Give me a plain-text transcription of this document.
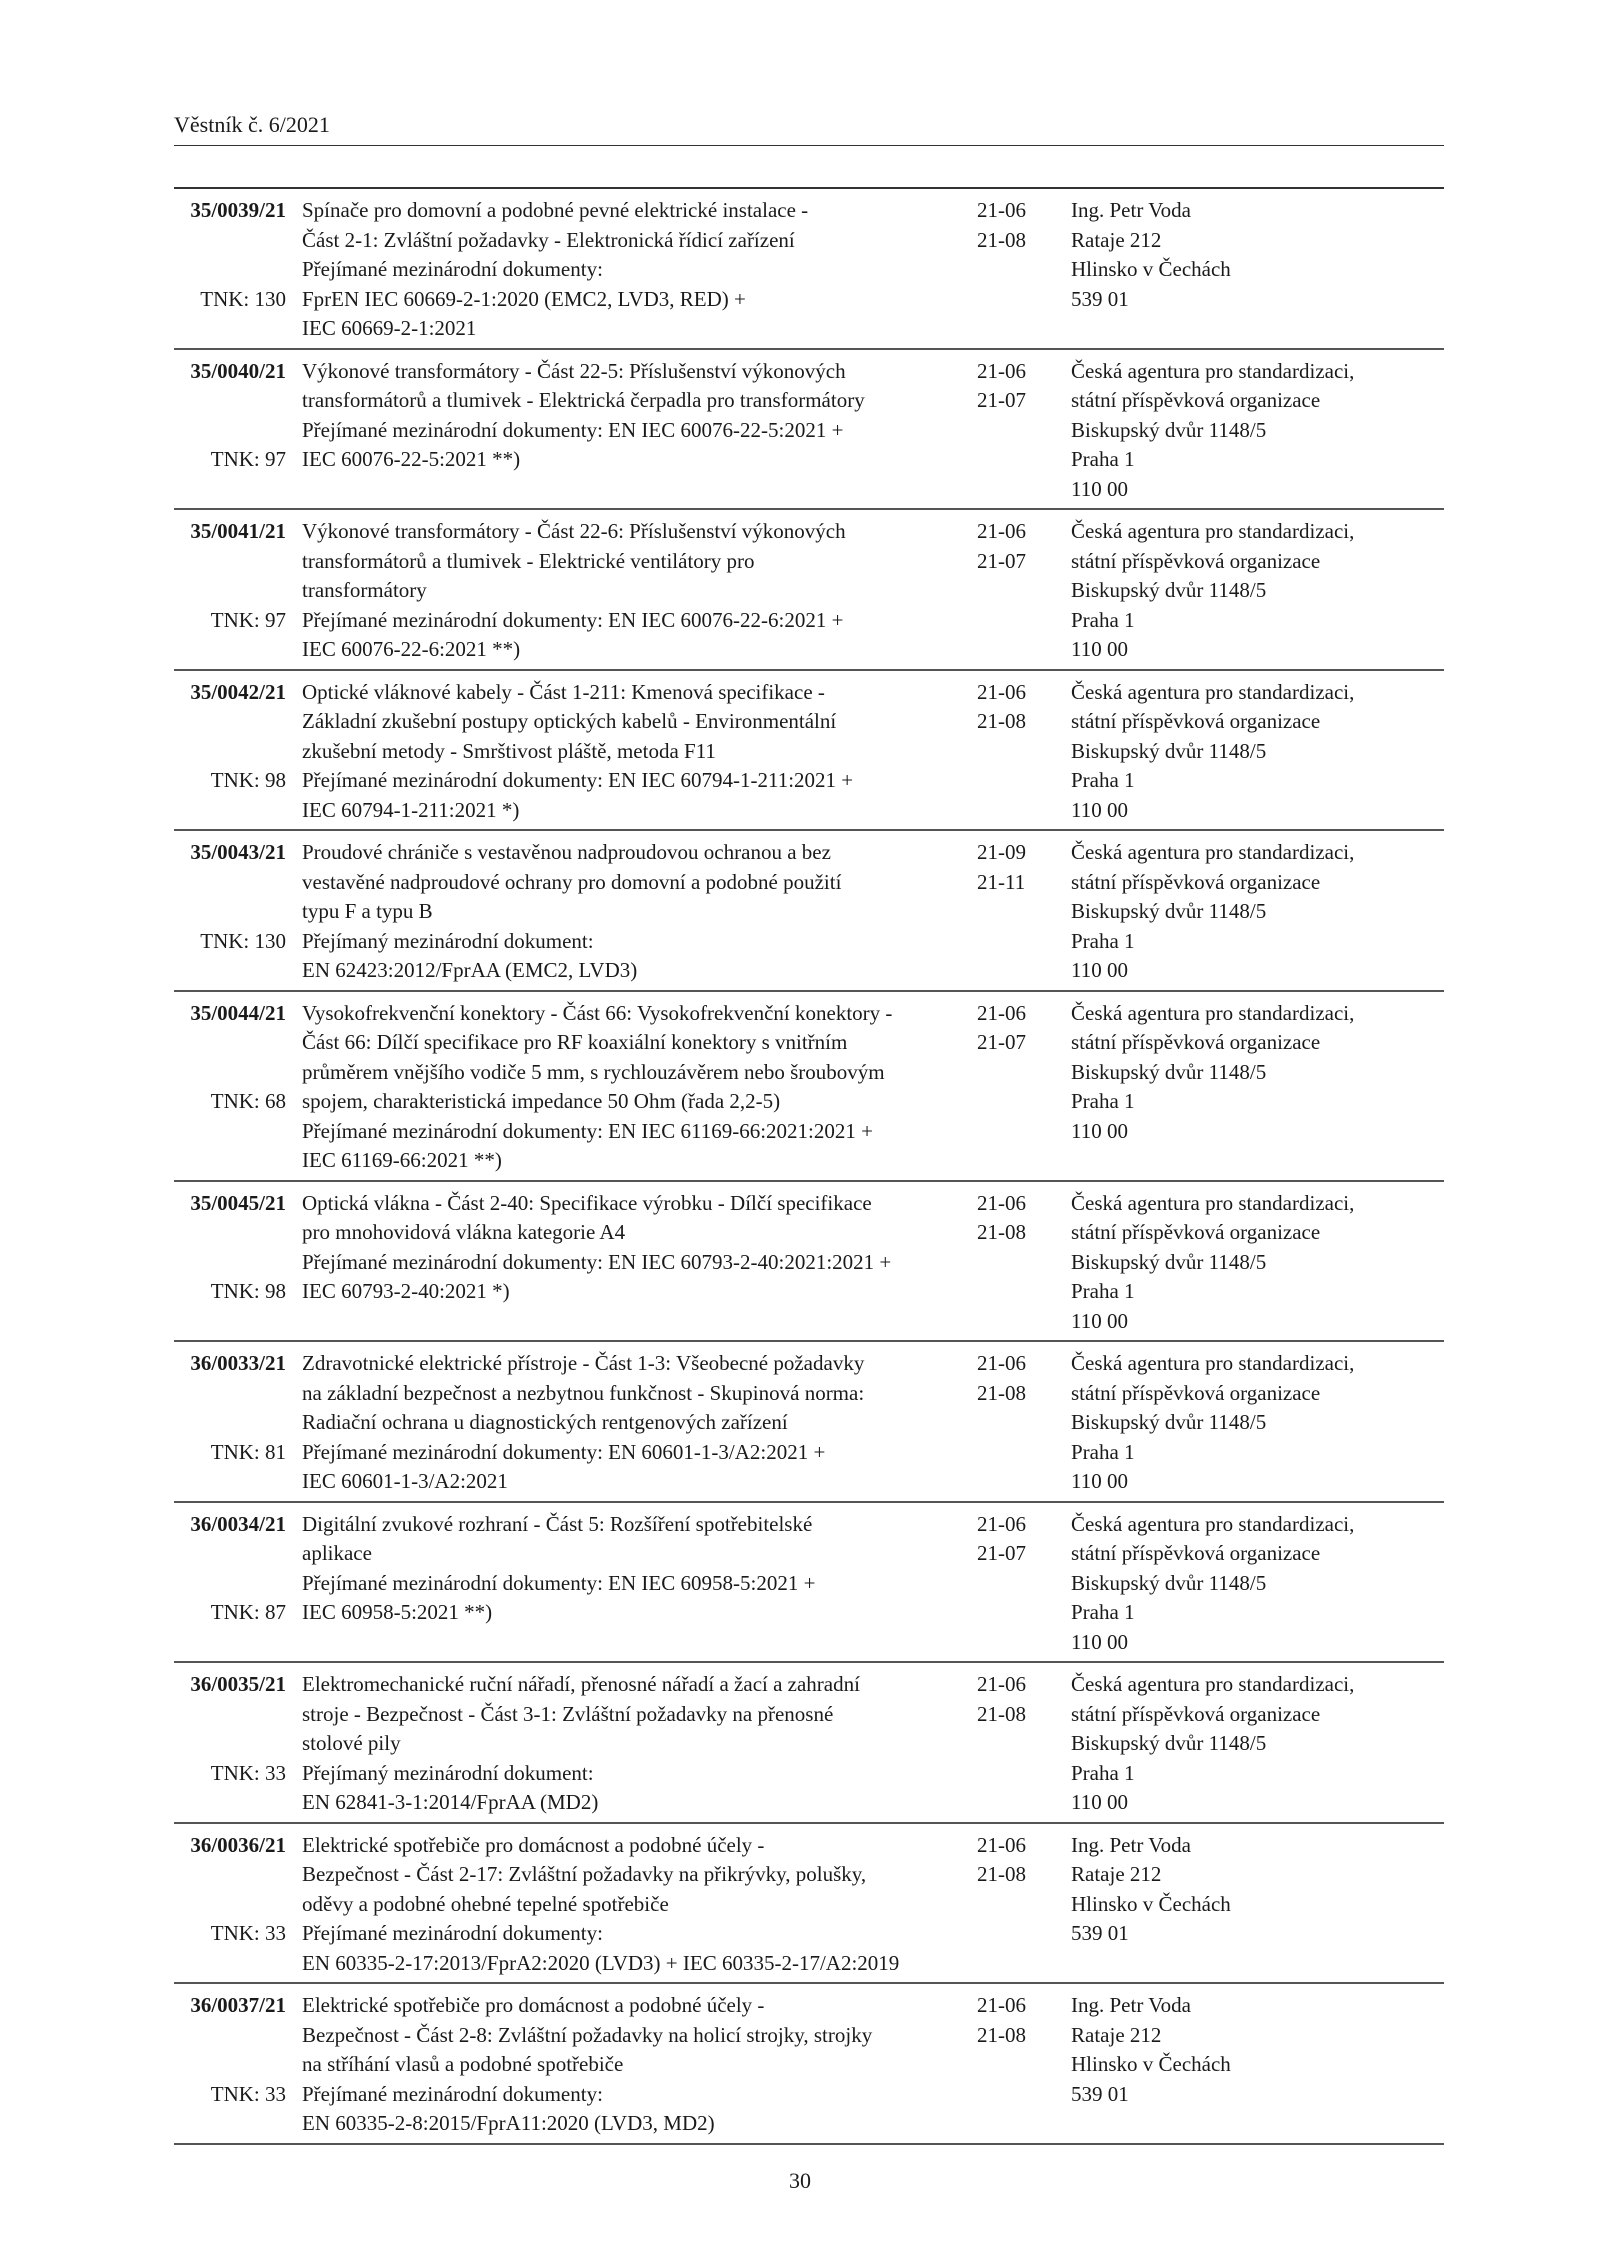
Věstník č. 6/2021
35/0039/21
TNK: 130
Spínače pro domovní a podobné pevné elektrické instalace -
Část 2-1: Zvláštní požadavky - Elektronická řídicí zařízení
Přejímané mezinárodní dokumenty:
FprEN IEC 60669-2-1:2020 (EMC2, LVD3, RED) +
IEC 60669-2-1:2021
21-06
21-08
Ing. Petr Voda
Rataje 212
Hlinsko v Čechách
539 01
35/0040/21
TNK: 97
Výkonové transformátory - Část 22-5: Příslušenství výkonových
transformátorů a tlumivek - Elektrická čerpadla pro transformátory
Přejímané mezinárodní dokumenty: EN IEC 60076-22-5:2021 +
IEC 60076-22-5:2021 **)
21-06
21-07
Česká agentura pro standardizaci,
státní příspěvková organizace
Biskupský dvůr 1148/5
Praha 1
110 00
35/0041/21
TNK: 97
Výkonové transformátory - Část 22-6: Příslušenství výkonových
transformátorů a tlumivek - Elektrické ventilátory pro
transformátory
Přejímané mezinárodní dokumenty: EN IEC 60076-22-6:2021 +
IEC 60076-22-6:2021 **)
21-06
21-07
Česká agentura pro standardizaci,
státní příspěvková organizace
Biskupský dvůr 1148/5
Praha 1
110 00
35/0042/21
TNK: 98
Optické vláknové kabely - Část 1-211: Kmenová specifikace -
Základní zkušební postupy optických kabelů - Environmentální
zkušební metody - Smrštivost pláště, metoda F11
Přejímané mezinárodní dokumenty: EN IEC 60794-1-211:2021 +
IEC 60794-1-211:2021 *)
21-06
21-08
Česká agentura pro standardizaci,
státní příspěvková organizace
Biskupský dvůr 1148/5
Praha 1
110 00
35/0043/21
TNK: 130
Proudové chrániče s vestavěnou nadproudovou ochranou a bez
vestavěné nadproudové ochrany pro domovní a podobné použití
typu F a typu B
Přejímaný mezinárodní dokument:
EN 62423:2012/FprAA (EMC2, LVD3)
21-09
21-11
Česká agentura pro standardizaci,
státní příspěvková organizace
Biskupský dvůr 1148/5
Praha 1
110 00
35/0044/21
TNK: 68
Vysokofrekvenční konektory - Část 66: Vysokofrekvenční konektory -
Část 66: Dílčí specifikace pro RF koaxiální konektory s vnitřním
průměrem vnějšího vodiče 5 mm, s rychlouzávěrem nebo šroubovým
spojem, charakteristická impedance 50 Ohm (řada 2,2-5)
Přejímané mezinárodní dokumenty: EN IEC 61169-66:2021:2021 +
IEC 61169-66:2021 **)
21-06
21-07
Česká agentura pro standardizaci,
státní příspěvková organizace
Biskupský dvůr 1148/5
Praha 1
110 00
35/0045/21
TNK: 98
Optická vlákna - Část 2-40: Specifikace výrobku - Dílčí specifikace
pro mnohovidová vlákna kategorie A4
Přejímané mezinárodní dokumenty: EN IEC 60793-2-40:2021:2021 +
IEC 60793-2-40:2021 *)
21-06
21-08
Česká agentura pro standardizaci,
státní příspěvková organizace
Biskupský dvůr 1148/5
Praha 1
110 00
36/0033/21
TNK: 81
Zdravotnické elektrické přístroje - Část 1-3: Všeobecné požadavky
na základní bezpečnost a nezbytnou funkčnost - Skupinová norma:
Radiační ochrana u diagnostických rentgenových zařízení
Přejímané mezinárodní dokumenty: EN 60601-1-3/A2:2021 +
IEC 60601-1-3/A2:2021
21-06
21-08
Česká agentura pro standardizaci,
státní příspěvková organizace
Biskupský dvůr 1148/5
Praha 1
110 00
36/0034/21
TNK: 87
Digitální zvukové rozhraní - Část 5: Rozšíření spotřebitelské
aplikace
Přejímané mezinárodní dokumenty: EN IEC 60958-5:2021 +
IEC 60958-5:2021 **)
21-06
21-07
Česká agentura pro standardizaci,
státní příspěvková organizace
Biskupský dvůr 1148/5
Praha 1
110 00
36/0035/21
TNK: 33
Elektromechanické ruční nářadí, přenosné nářadí a žací a zahradní
stroje - Bezpečnost - Část 3-1: Zvláštní požadavky na přenosné
stolové pily
Přejímaný mezinárodní dokument:
EN 62841-3-1:2014/FprAA (MD2)
21-06
21-08
Česká agentura pro standardizaci,
státní příspěvková organizace
Biskupský dvůr 1148/5
Praha 1
110 00
36/0036/21
TNK: 33
Elektrické spotřebiče pro domácnost a podobné účely -
Bezpečnost - Část 2-17: Zvláštní požadavky na přikrývky, polušky,
oděvy a podobné ohebné tepelné spotřebiče
Přejímané mezinárodní dokumenty:
EN 60335-2-17:2013/FprA2:2020 (LVD3) + IEC 60335-2-17/A2:2019
21-06
21-08
Ing. Petr Voda
Rataje 212
Hlinsko v Čechách
539 01
36/0037/21
TNK: 33
Elektrické spotřebiče pro domácnost a podobné účely -
Bezpečnost - Část 2-8: Zvláštní požadavky na holicí strojky, strojky
na stříhání vlasů a podobné spotřebiče
Přejímané mezinárodní dokumenty:
EN 60335-2-8:2015/FprA11:2020 (LVD3, MD2)
21-06
21-08
Ing. Petr Voda
Rataje 212
Hlinsko v Čechách
539 01
30
